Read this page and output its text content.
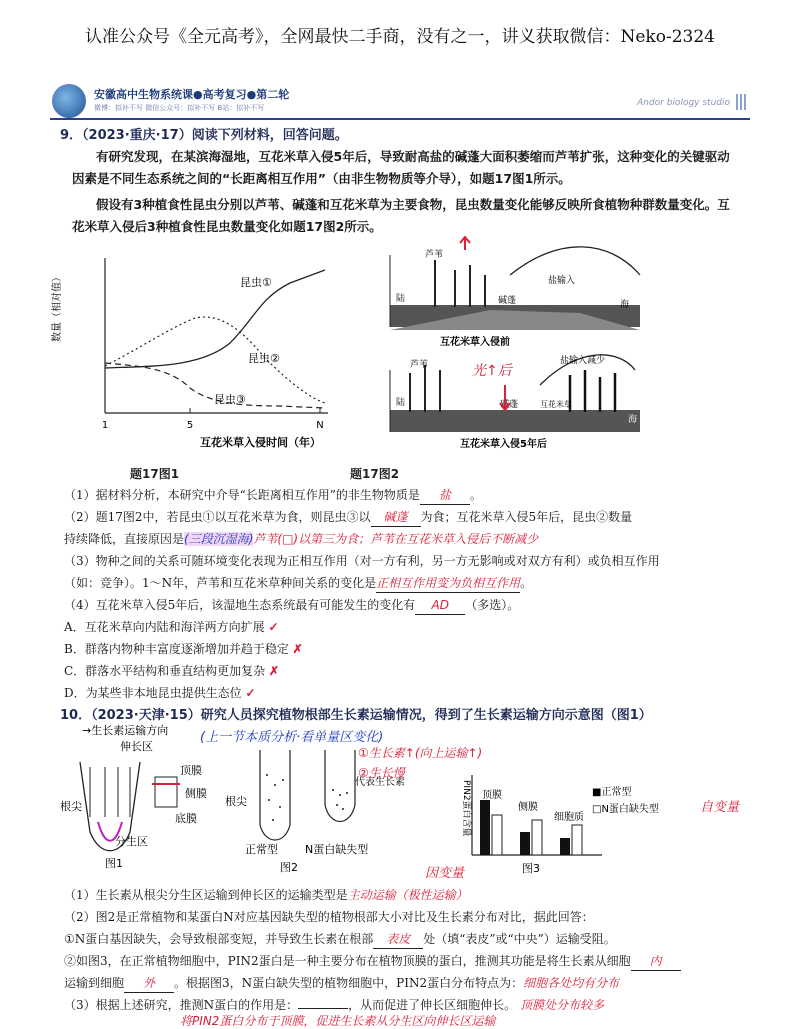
认准公众号《全元高考》，全网最快二手商，没有之一，讲义获取微信：Neko-2324
安徽高中生物系统课●高考复习●第二轮
微博：拟补不写 微信公众号：拟补不写 B站：拟补不写	Andor biology studio
9．（2023·重庆·17）阅读下列材料，回答问题。
有研究发现，在某滨海湿地，互花米草入侵5年后，导致耐高盐的碱蓬大面积萎缩而芦苇扩张，这种变化的关键驱动因素是不同生态系统之间的“长距离相互作用”（由非生物物质等介导），如题17图1所示。
假设有3种植食性昆虫分别以芦苇、碱蓬和互花米草为主要食物，昆虫数量变化能够反映所食植物种群数量变化。互花米草入侵后3种植食性昆虫数量变化如题17图2所示。
数量（相对值）
1	5	N
互花米草入侵时间（年）
昆虫①
昆虫②
昆虫③
题17图1
芦苇
陆	碱蓬
盐输入
海
互花米草入侵前
芦苇
陆	碱蓬
盐输入减少
互花米草
海
互花米草入侵5年后
光↑后
题17图2
（1）据材料分析，本研究中介导“长距离相互作用”的非生物物质是 盐 。
（2）题17图2中，若昆虫①以互花米草为食，则昆虫③以 碱蓬 为食；互花米草入侵5年后，昆虫②数量
持续降低，直接原因是(三段沉湿海)芦苇(□)以第三为食；芦苇在互花米草入侵后不断减少
（3）物种之间的关系可随环境变化表现为正相互作用（对一方有利，另一方无影响或对双方有利）或负相互作用
（如：竞争）。1～N年，芦苇和互花米草种间关系的变化是正相互作用变为负相互作用。
（4）互花米草入侵5年后，该湿地生态系统最有可能发生的变化有 AD （多选）。
A．互花米草向内陆和海洋两方向扩展 ✓
B．群落内物种丰富度逐渐增加并趋于稳定 ✗
C．群落水平结构和垂直结构更加复杂 ✗
D．为某些非本地昆虫提供生态位 ✓
10．（2023·天津·15）研究人员探究植物根部生长素运输情况，得到了生长素运输方向示意图（图1）
(上一节本质分析·看单量区变化)
→生长素运输方向
伸长区
顶膜
侧膜
底膜
根尖
分生区
图1
根尖
正常型 N蛋白缺失型
代表生长素
图2
①生长素↑(向上运输↑)
②生长慢
PIN2蛋白含量 顶膜
侧膜
细胞质
■正常型
□N蛋白缺失型
图3
自变量
因变量
（1）生长素从根尖分生区运输到伸长区的运输类型是主动运输（极性运输）
（2）图2是正常植物和某蛋白N对应基因缺失型的植物根部大小对比及生长素分布对比，据此回答：
①N蛋白基因缺失，会导致根部变短，并导致生长素在根部 表皮 处（填“表皮”或“中央”）运输受阻。
②如图3，在正常植物细胞中，PIN2蛋白是一种主要分布在植物顶膜的蛋白，推测其功能是将生长素从细胞 内
运输到细胞 外 。根据图3，N蛋白缺失型的植物细胞中，PIN2蛋白分布特点为：细胞各处均有分布
（3）根据上述研究，推测N蛋白的作用是：	，从而促进了伸长区细胞伸长。 顶膜处分布较多
将PIN2蛋白分布于顶膜，促进生长素从分生区向伸长区运输
